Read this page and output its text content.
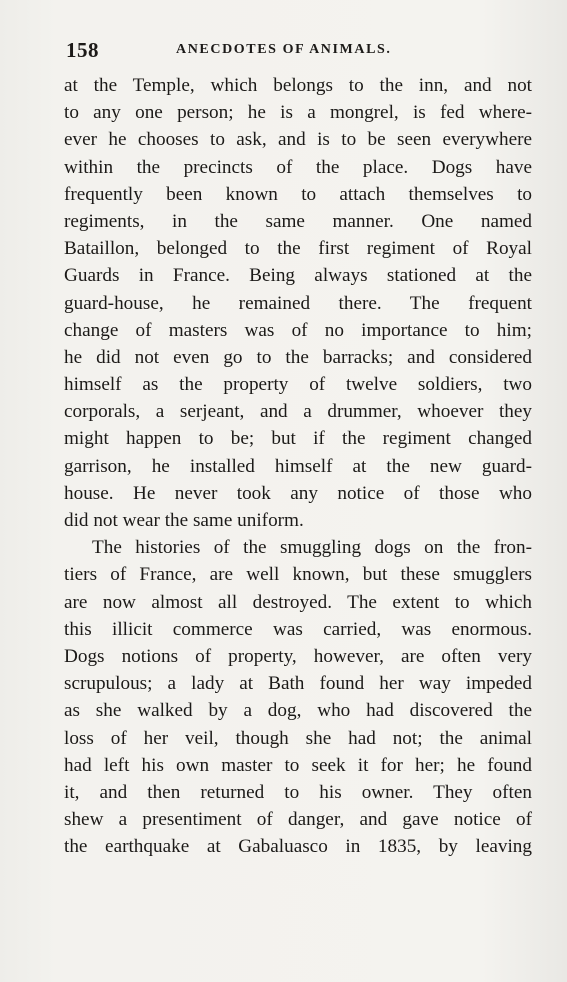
158	ANECDOTES OF ANIMALS.
at the Temple, which belongs to the inn, and not
to any one person; he is a mongrel, is fed where-
ever he chooses to ask, and is to be seen everywhere
within the precincts of the place. Dogs have
frequently been known to attach themselves to
regiments, in the same manner. One named
Bataillon, belonged to the first regiment of Royal
Guards in France. Being always stationed at the
guard-house, he remained there. The frequent
change of masters was of no importance to him;
he did not even go to the barracks; and considered
himself as the property of twelve soldiers, two
corporals, a serjeant, and a drummer, whoever they
might happen to be; but if the regiment changed
garrison, he installed himself at the new guard-
house. He never took any notice of those who
did not wear the same uniform.
The histories of the smuggling dogs on the fron-
tiers of France, are well known, but these smugglers
are now almost all destroyed. The extent to which
this illicit commerce was carried, was enormous.
Dogs notions of property, however, are often very
scrupulous; a lady at Bath found her way impeded
as she walked by a dog, who had discovered the
loss of her veil, though she had not; the animal
had left his own master to seek it for her; he found
it, and then returned to his owner. They often
shew a presentiment of danger, and gave notice of
the earthquake at Gabaluasco in 1835, by leaving
